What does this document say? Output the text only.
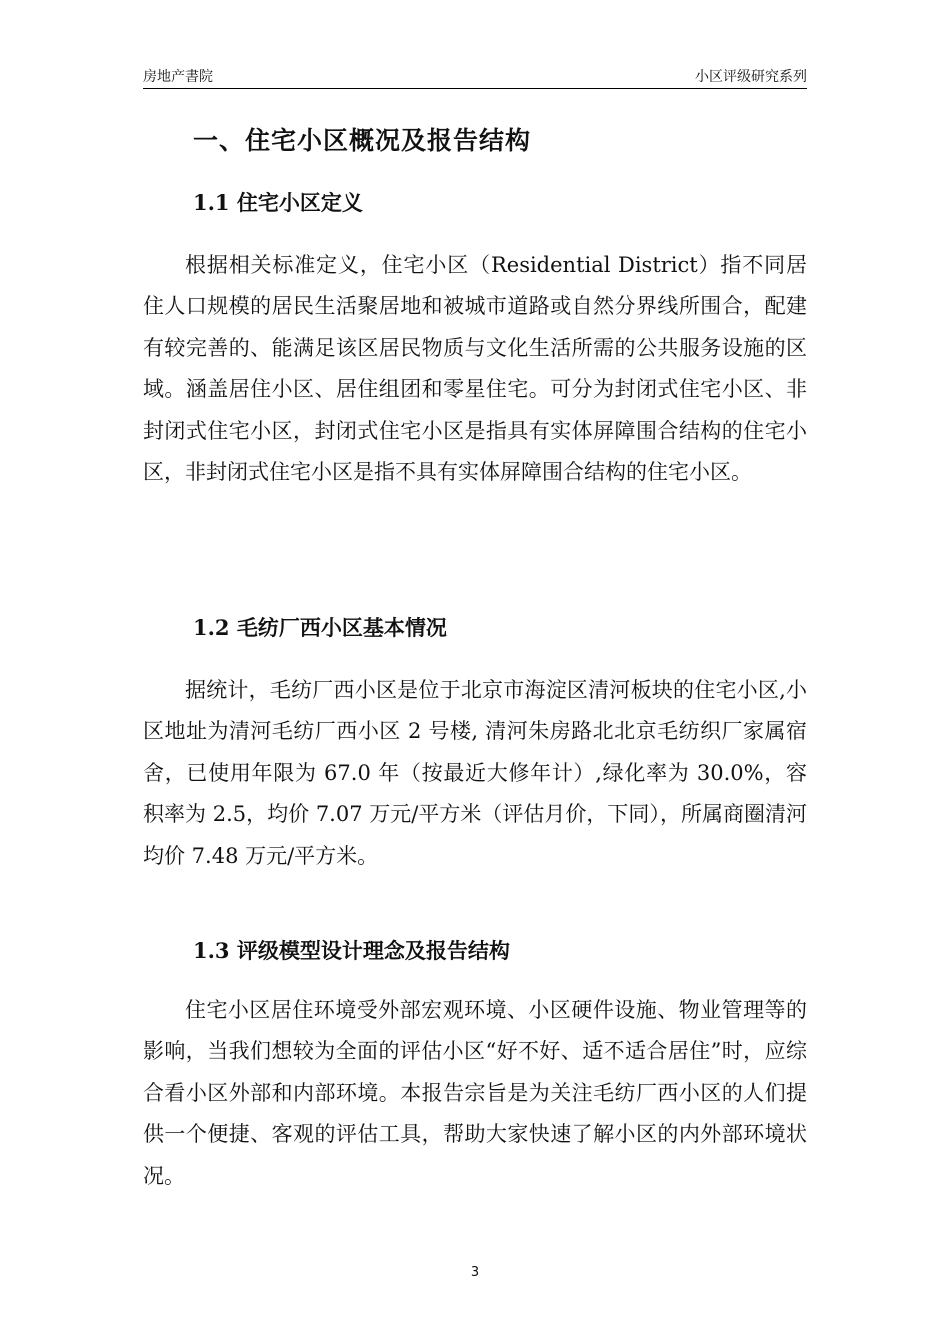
房地产書院	小区评级研究系列
一、住宅小区概况及报告结构
1.1 住宅小区定义
根据相关标准定义，住宅小区（Residential District）指不同居住人口规模的居民生活聚居地和被城市道路或自然分界线所围合，配建有较完善的、能满足该区居民物质与文化生活所需的公共服务设施的区域。涵盖居住小区、居住组团和零星住宅。可分为封闭式住宅小区、非封闭式住宅小区，封闭式住宅小区是指具有实体屏障围合结构的住宅小区，非封闭式住宅小区是指不具有实体屏障围合结构的住宅小区。
1.2 毛纺厂西小区基本情况
据统计，毛纺厂西小区是位于北京市海淀区清河板块的住宅小区,小区地址为清河毛纺厂西小区 2 号楼, 清河朱房路北北京毛纺织厂家属宿舍，已使用年限为 67.0 年（按最近大修年计）,绿化率为 30.0%，容积率为 2.5，均价 7.07 万元/平方米（评估月价，下同），所属商圈清河均价 7.48 万元/平方米。
1.3 评级模型设计理念及报告结构
住宅小区居住环境受外部宏观环境、小区硬件设施、物业管理等的影响，当我们想较为全面的评估小区“好不好、适不适合居住”时，应综合看小区外部和内部环境。本报告宗旨是为关注毛纺厂西小区的人们提供一个便捷、客观的评估工具，帮助大家快速了解小区的内外部环境状况。
3
